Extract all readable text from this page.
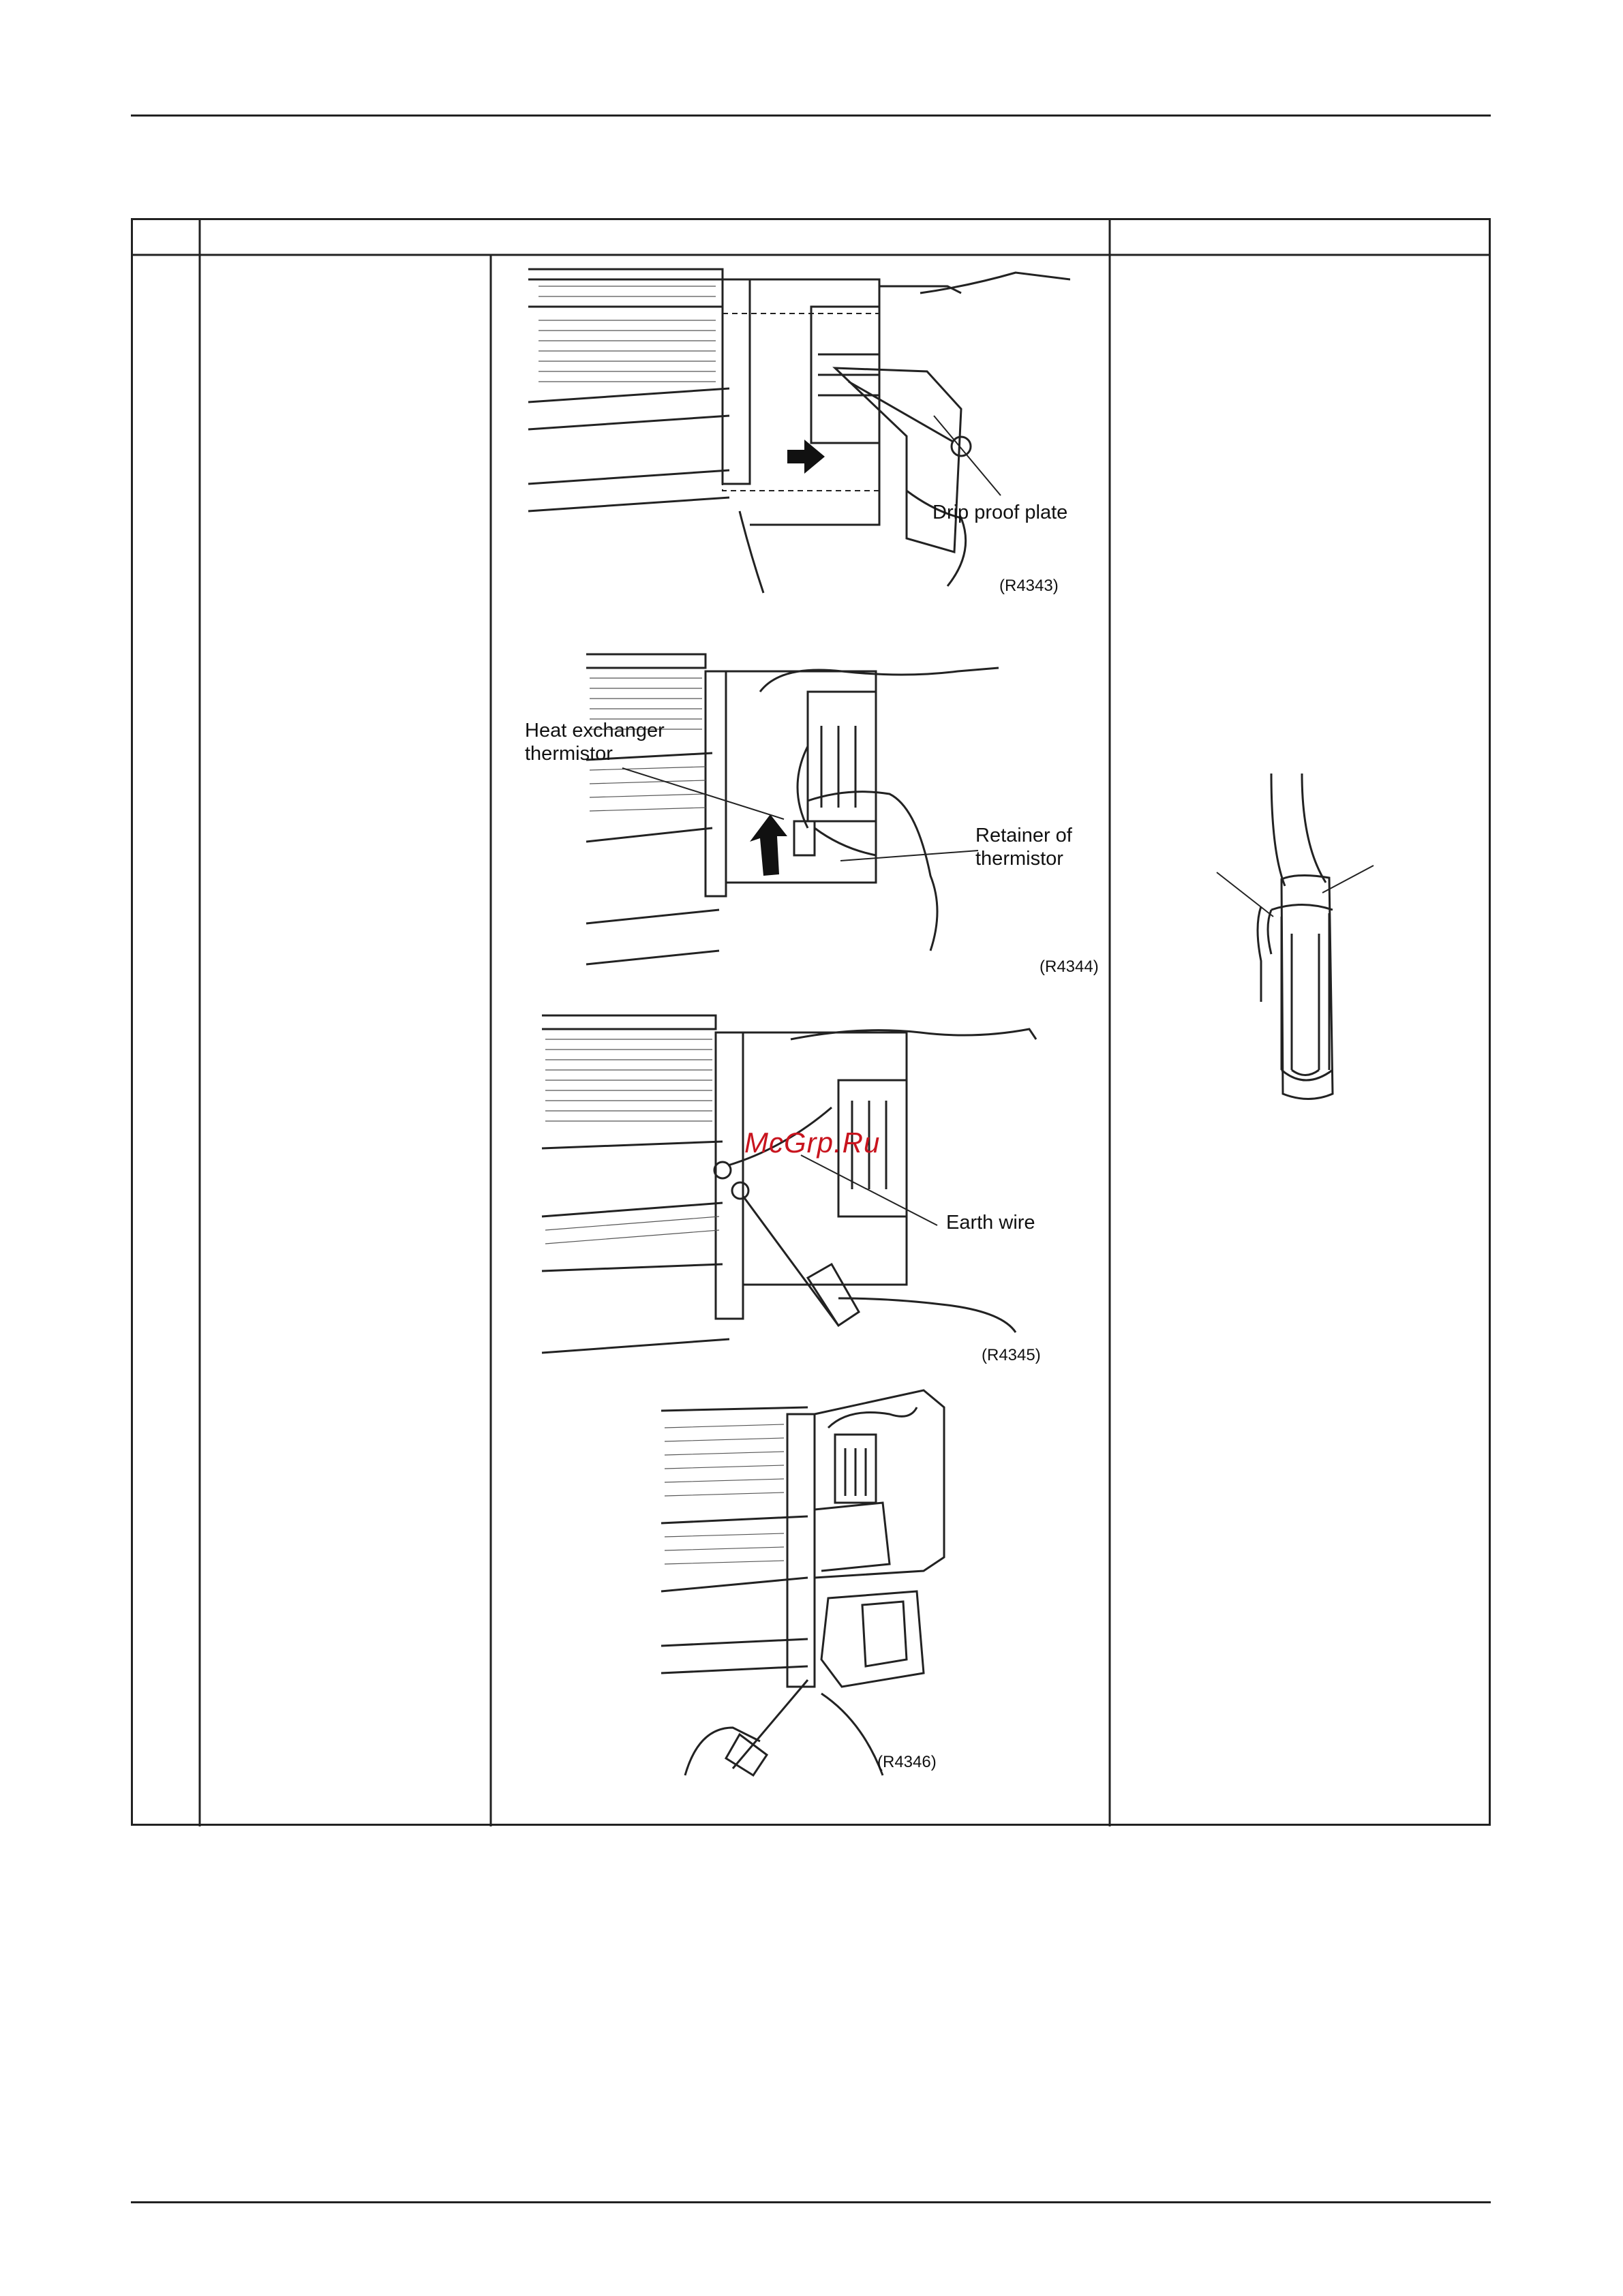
Drip proof plate
(R4343)
Heat exchanger
thermistor
Retainer of
thermistor
(R4344)
McGrp.Ru
Earth wire
(R4345)
(R4346)
